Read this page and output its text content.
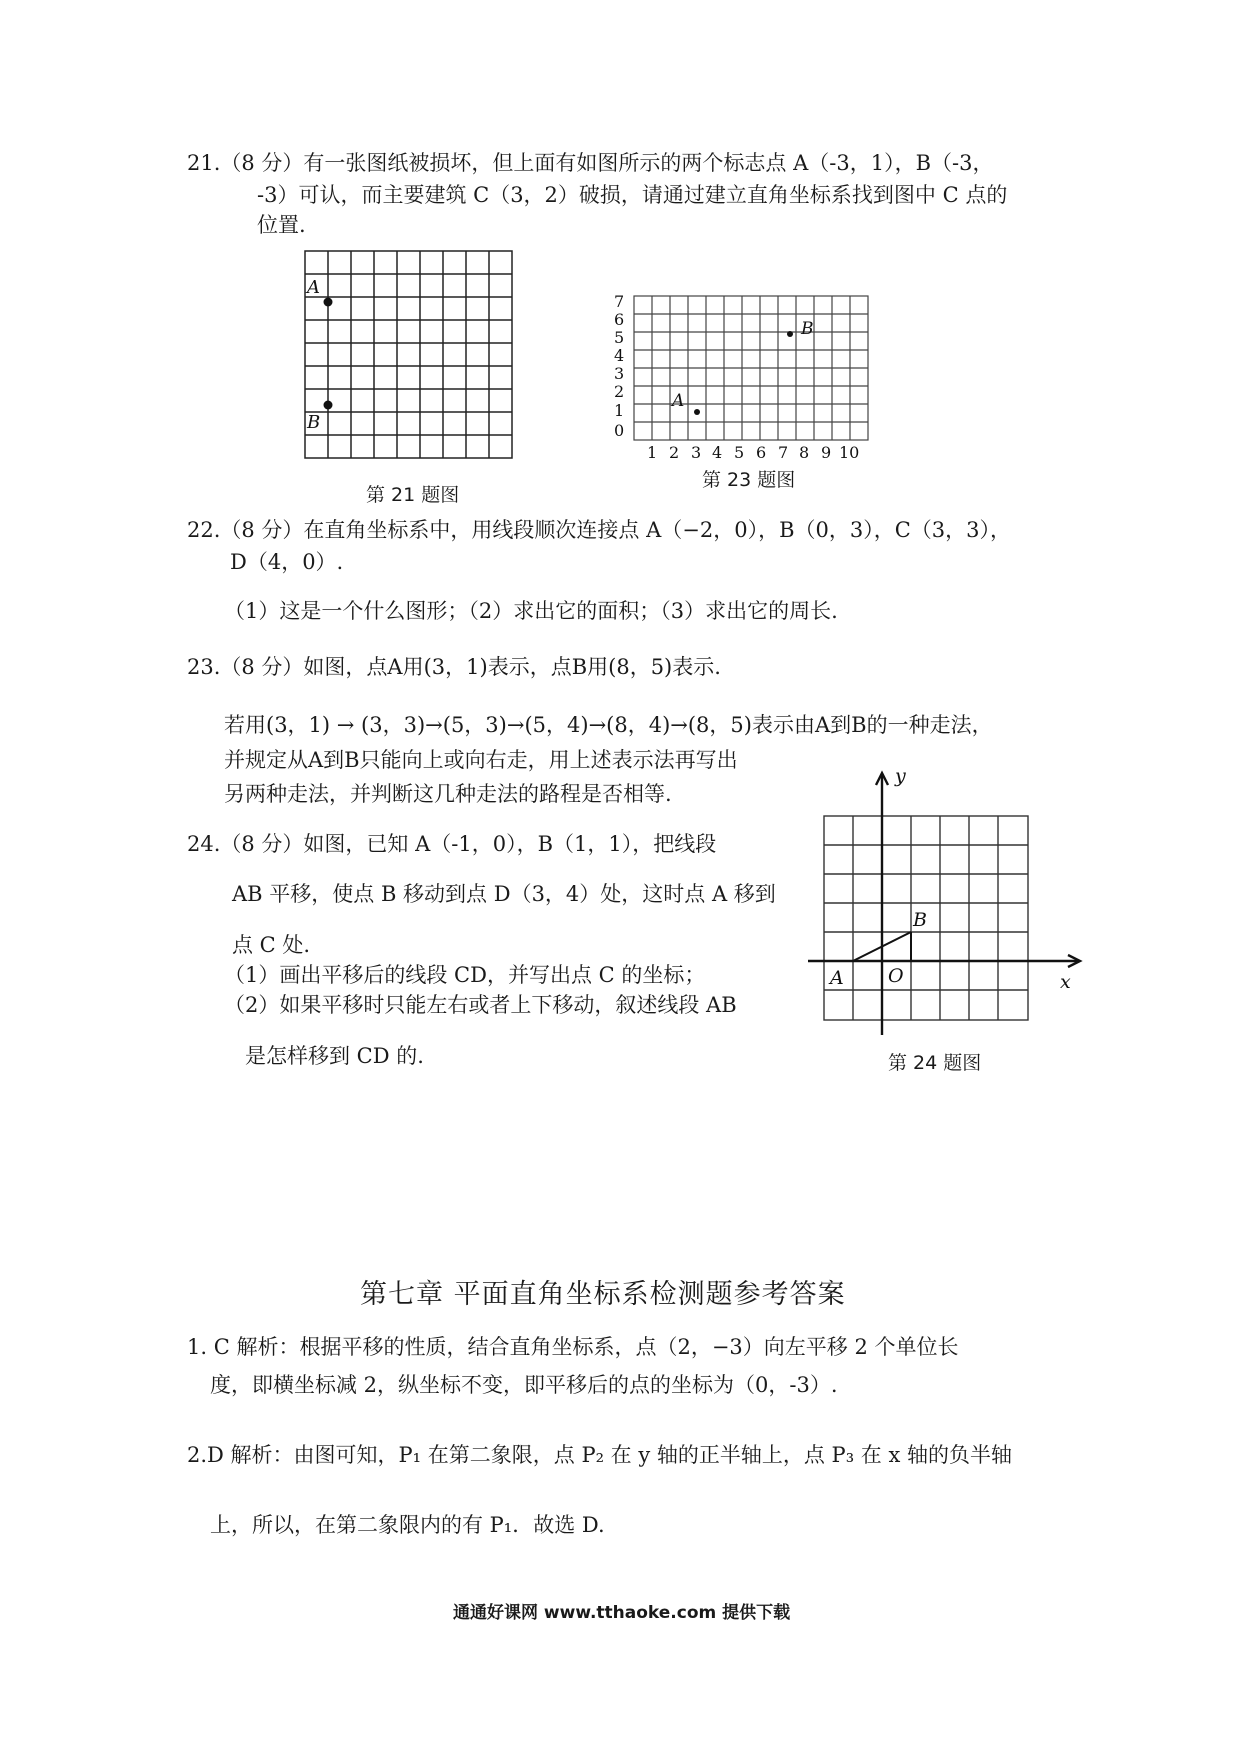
21.（8 分）有一张图纸被损坏，但上面有如图所示的两个标志点 A（-3，1），B（-3，
-3）可认，而主要建筑 C（3，2）破损，请通过建立直角坐标系找到图中 C 点的
位置.
A
B
第 21 题图
0
1
2
3
4
5
6
7
1 2 3 4 5 6 7 8 9 10
A
B
第 23 题图
22.（8 分）在直角坐标系中，用线段顺次连接点 A（−2，0），B（0，3），C（3，3），
D（4，0）.
（1）这是一个什么图形；（2）求出它的面积；（3）求出它的周长.
23.（8 分）如图，点A用(3，1)表示，点B用(8，5)表示.
若用(3，1) → (3，3)→(5，3)→(5，4)→(8，4)→(8，5)表示由A到B的一种走法，
并规定从A到B只能向上或向右走，用上述表示法再写出
另两种走法，并判断这几种走法的路程是否相等.
24.（8 分）如图，已知 A（-1，0），B（1，1），把线段
AB 平移，使点 B 移动到点 D（3，4）处，这时点 A 移到
点 C 处.
（1）画出平移后的线段 CD，并写出点 C 的坐标；
（2）如果平移时只能左右或者上下移动，叙述线段 AB
是怎样移到 CD 的.
y
x
A O
B
第 24 题图
第七章 平面直角坐标系检测题参考答案
1. C 解析：根据平移的性质，结合直角坐标系，点（2，−3）向左平移 2 个单位长
度，即横坐标减 2，纵坐标不变，即平移后的点的坐标为（0，-3）.
2.D 解析：由图可知，P₁ 在第二象限，点 P₂ 在 y 轴的正半轴上，点 P₃ 在 x 轴的负半轴
上，所以，在第二象限内的有 P₁．故选 D.
通通好课网 www.tthaoke.com 提供下载
